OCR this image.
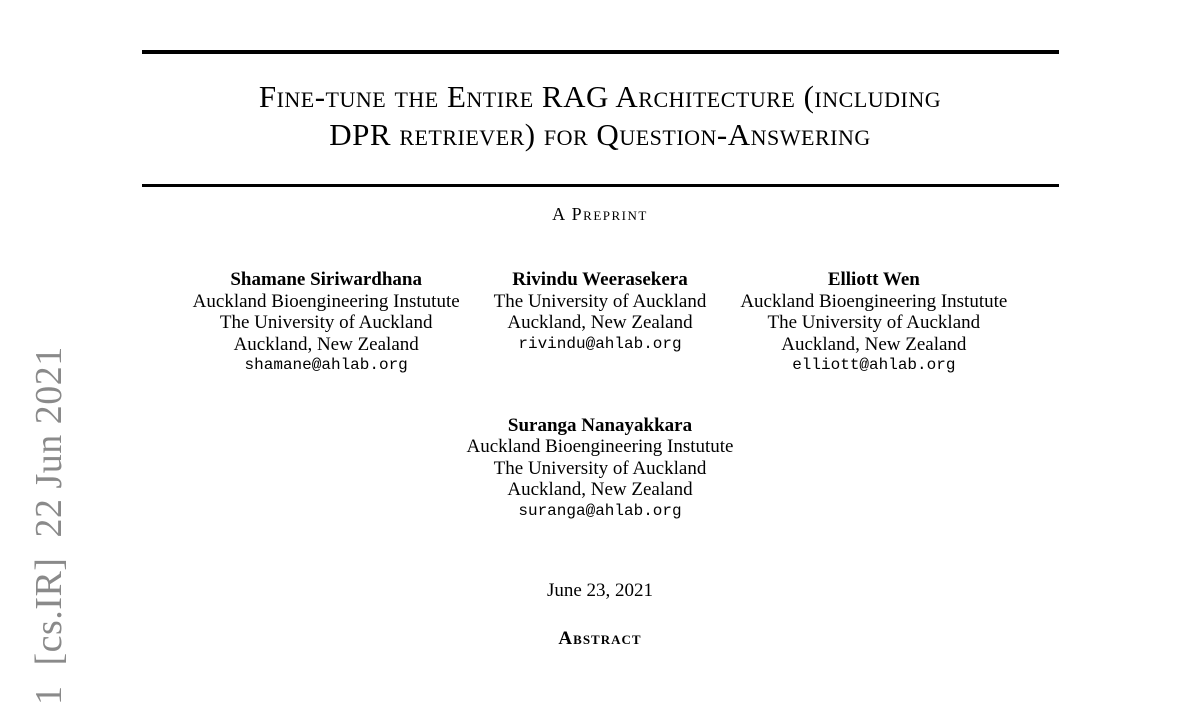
1  [cs.IR]  22 Jun 2021
Fine-tune the Entire RAG Architecture (including
DPR retriever) for Question-Answering
A Preprint
Shamane Siriwardhana
Auckland Bioengineering Instutute
The University of Auckland
Auckland, New Zealand
shamane@ahlab.org
Rivindu Weerasekera
The University of Auckland
Auckland, New Zealand
rivindu@ahlab.org
Elliott Wen
Auckland Bioengineering Instutute
The University of Auckland
Auckland, New Zealand
elliott@ahlab.org
Suranga Nanayakkara
Auckland Bioengineering Instutute
The University of Auckland
Auckland, New Zealand
suranga@ahlab.org
June 23, 2021
Abstract
